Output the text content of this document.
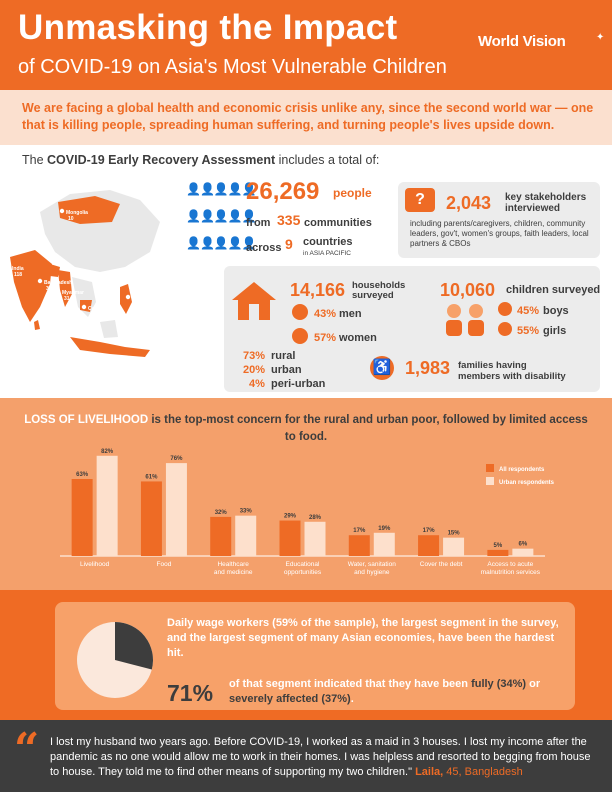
Unmasking the Impact
of COVID-19 on Asia's Most Vulnerable Children
World Vision	✦
We are facing a global health and economic crisis unlike any, since the second world war — one that is killing people, spreading human suffering, and turning people's lives upside down.
The COVID-19 Early Recovery Assessment includes a total of:
Mongolia
10
India
118
Bangladesh
31
Myanmar
31
Cambodia
61
Sri Lanka
29
Philippines
20
Indonesia
35
👤👤👤👤👤
26,269 people
👤👤👤👤👤
from 335 communities
👤👤👤👤👤
across 9 countries
in ASIA PACIFIC
?	2,043 key stakeholders interviewed
including parents/caregivers, children, community leaders, gov't, women's groups, faith leaders, local partners & CBOs
14,166 households surveyed
43% men
57% women
73% rural
20% urban
4% peri-urban
10,060 children surveyed
45% boys
55% girls
♿ 1,983 families having members with disability
LOSS OF LIVELIHOOD is the top-most concern for the rural and urban poor, followed by limited access to food.
63%
82%
Livelihood
61%
76%
Food
32% 33%
Healthcare
and medicine
29% 28%
Educational
opportunities
17% 19%
Water, sanitation
and hygiene
17% 15%
Cover the debt
5%	6%
Access to acute
malnutrition services
All respondents
Urban respondents
Daily wage workers (59% of the sample), the largest segment in the survey, and the largest segment of many Asian economies, have been the hardest hit.
71% of that segment indicated that they have been fully (34%) or severely affected (37%).
“ I lost my husband two years ago. Before COVID-19, I worked as a maid in 3 houses. I lost my income after the pandemic as no one would allow me to work in their homes. I was helpless and resorted to begging from house to house. They told me to find other means of supporting my two children." Laila, 45, Bangladesh
